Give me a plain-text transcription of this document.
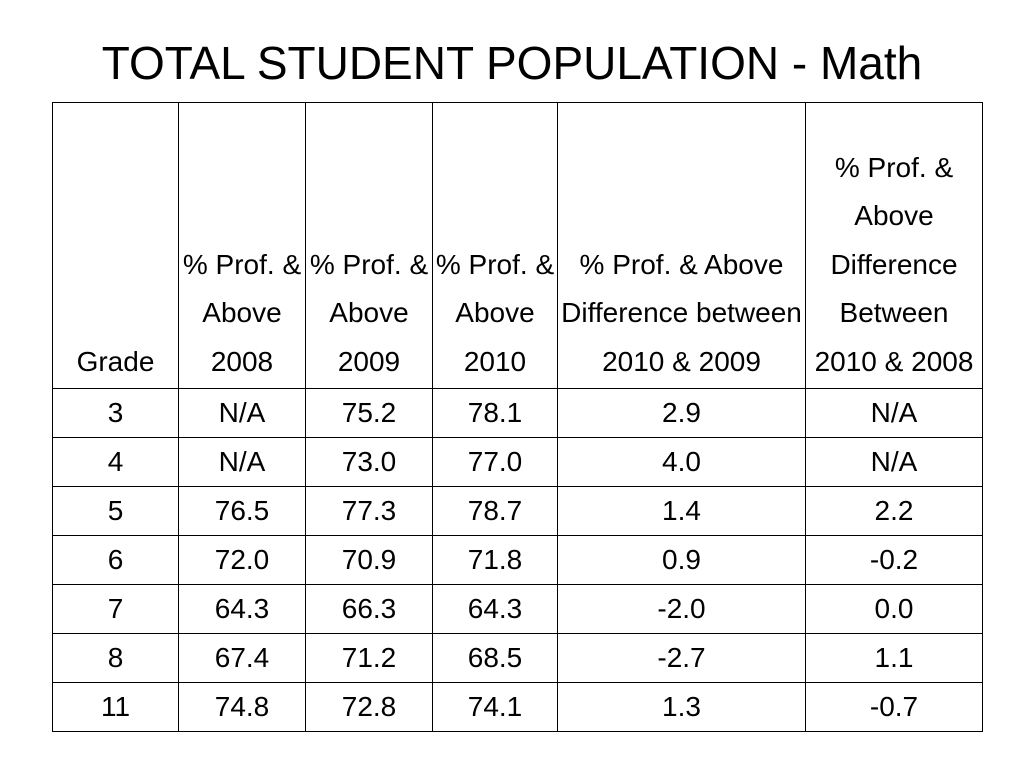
TOTAL STUDENT POPULATION - Math
Grade	% Prof. & Above 2008	% Prof. & Above 2009	% Prof. & Above 2010	% Prof. & Above Difference between 2010 & 2009	% Prof. & Above Difference Between 2010 & 2008
3	N/A	75.2	78.1	2.9	N/A
4	N/A	73.0	77.0	4.0	N/A
5	76.5	77.3	78.7	1.4	2.2
6	72.0	70.9	71.8	0.9	-0.2
7	64.3	66.3	64.3	-2.0	0.0
8	67.4	71.2	68.5	-2.7	1.1
11	74.8	72.8	74.1	1.3	-0.7
